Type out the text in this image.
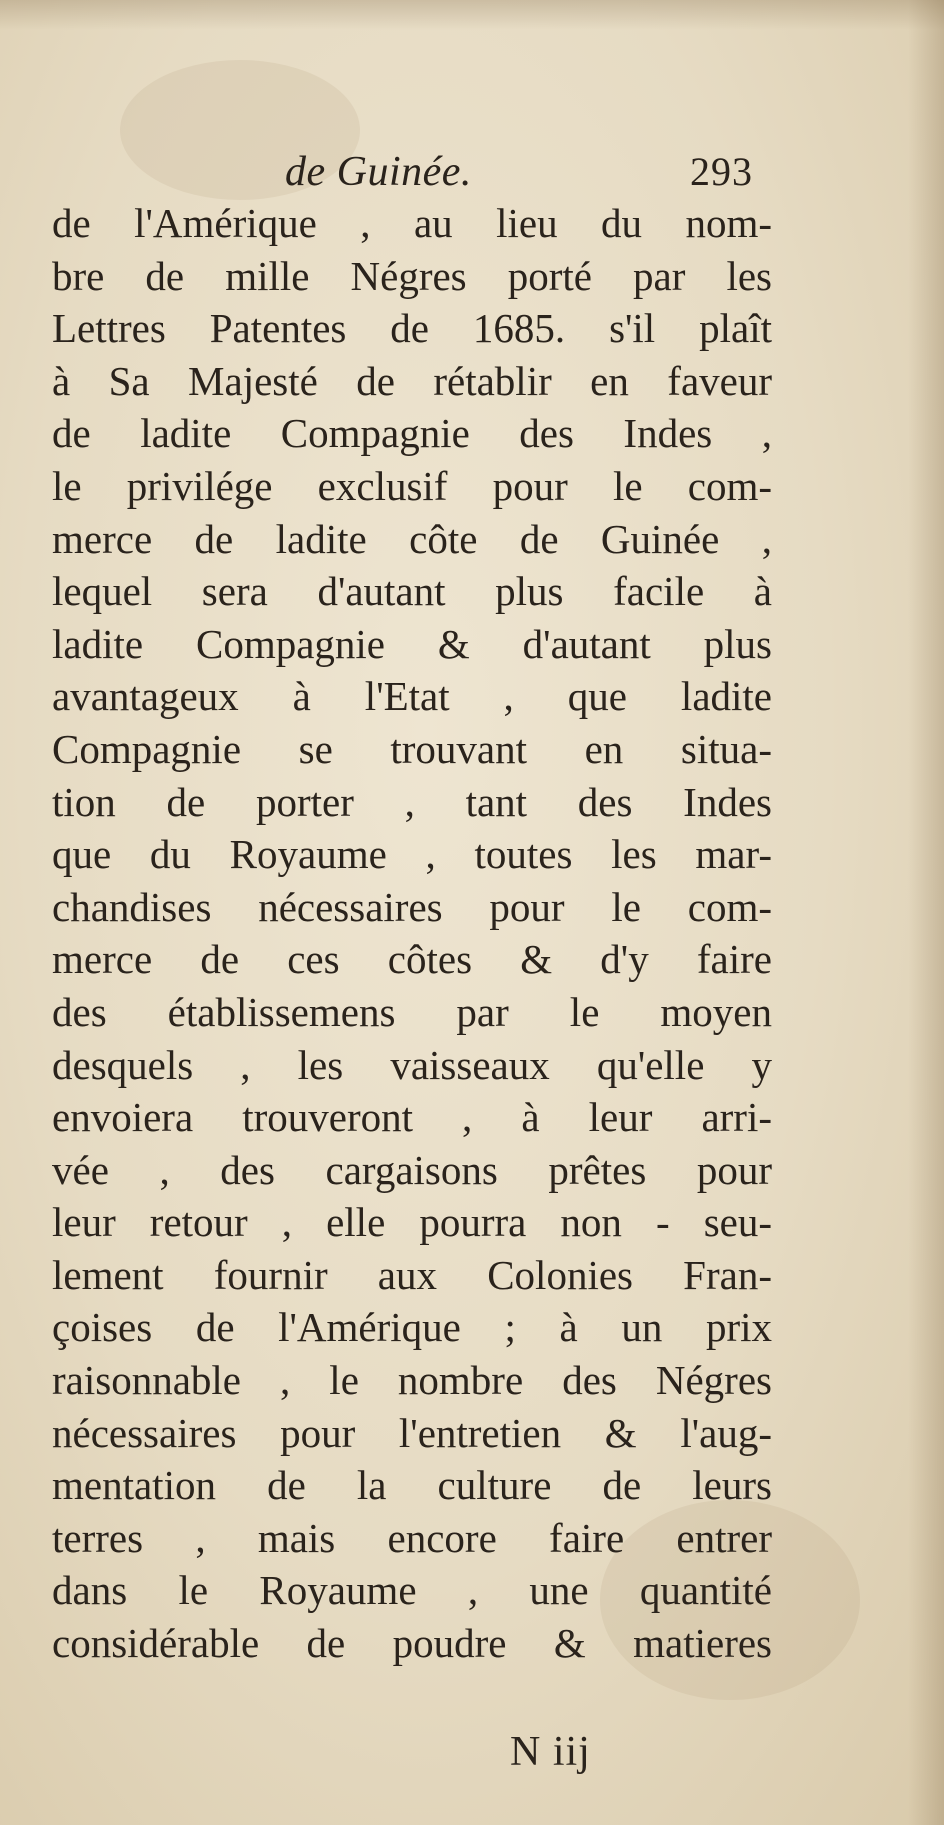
de Guinée.	293
de l'Amérique , au lieu du nom-
bre de mille Négres porté par les
Lettres Patentes de 1685. s'il plaît
à Sa Majesté de rétablir en faveur
de ladite Compagnie des Indes ,
le privilége exclusif pour le com-
merce de ladite côte de Guinée ,
lequel sera d'autant plus facile à
ladite Compagnie & d'autant plus
avantageux à l'Etat , que ladite
Compagnie se trouvant en situa-
tion de porter , tant des Indes
que du Royaume , toutes les mar-
chandises nécessaires pour le com-
merce de ces côtes & d'y faire
des établissemens par le moyen
desquels , les vaisseaux qu'elle y
envoiera trouveront , à leur arri-
vée , des cargaisons prêtes pour
leur retour , elle pourra non - seu-
lement fournir aux Colonies Fran-
çoises de l'Amérique ; à un prix
raisonnable , le nombre des Négres
nécessaires pour l'entretien & l'aug-
mentation de la culture de leurs
terres , mais encore faire entrer
dans le Royaume , une quantité
considérable de poudre & matieres
N iij
